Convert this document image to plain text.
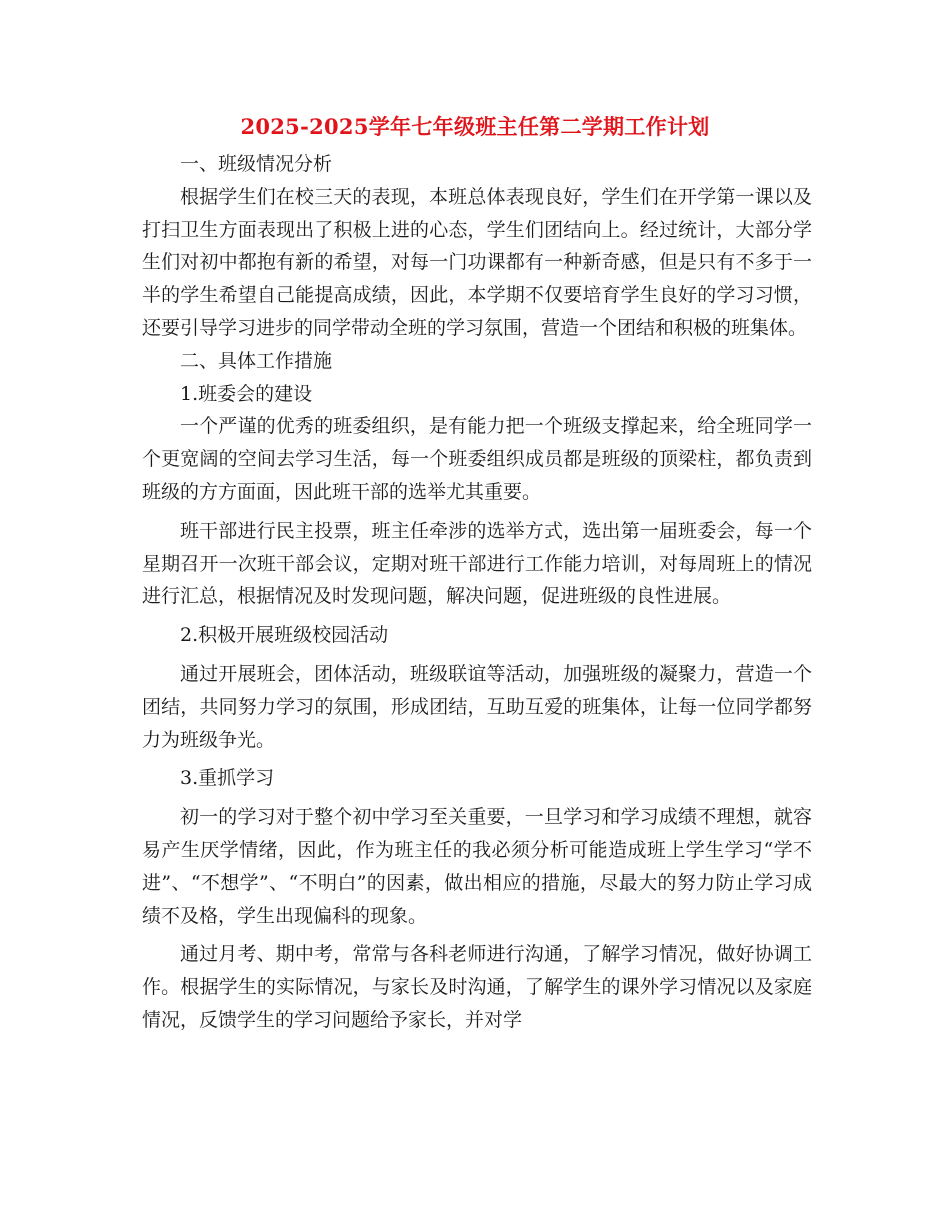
2025-2025学年七年级班主任第二学期工作计划

一、班级情况分析

根据学生们在校三天的表现，本班总体表现良好，学生们在开学第一课以及打扫卫生方面表现出了积极上进的心态，学生们团结向上。经过统计，大部分学生们对初中都抱有新的希望，对每一门功课都有一种新奇感，但是只有不多于一半的学生希望自己能提高成绩，因此，本学期不仅要培育学生良好的学习习惯，还要引导学习进步的同学带动全班的学习氛围，营造一个团结和积极的班集体。

二、具体工作措施

1.班委会的建设

一个严谨的优秀的班委组织，是有能力把一个班级支撑起来，给全班同学一个更宽阔的空间去学习生活，每一个班委组织成员都是班级的顶梁柱，都负责到班级的方方面面，因此班干部的选举尤其重要。

班干部进行民主投票，班主任牵涉的选举方式，选出第一届班委会，每一个星期召开一次班干部会议，定期对班干部进行工作能力培训，对每周班上的情况进行汇总，根据情况及时发现问题，解决问题，促进班级的良性进展。

2.积极开展班级校园活动

通过开展班会，团体活动，班级联谊等活动，加强班级的凝聚力，营造一个团结，共同努力学习的氛围，形成团结，互助互爱的班集体，让每一位同学都努力为班级争光。

3.重抓学习

初一的学习对于整个初中学习至关重要，一旦学习和学习成绩不理想，就容易产生厌学情绪，因此，作为班主任的我必须分析可能造成班上学生学习“学不进”、“不想学”、“不明白”的因素，做出相应的措施，尽最大的努力防止学习成绩不及格，学生出现偏科的现象。

通过月考、期中考，常常与各科老师进行沟通，了解学习情况，做好协调工作。根据学生的实际情况，与家长及时沟通，了解学生的课外学习情况以及家庭情况，反馈学生的学习问题给予家长，并对学
